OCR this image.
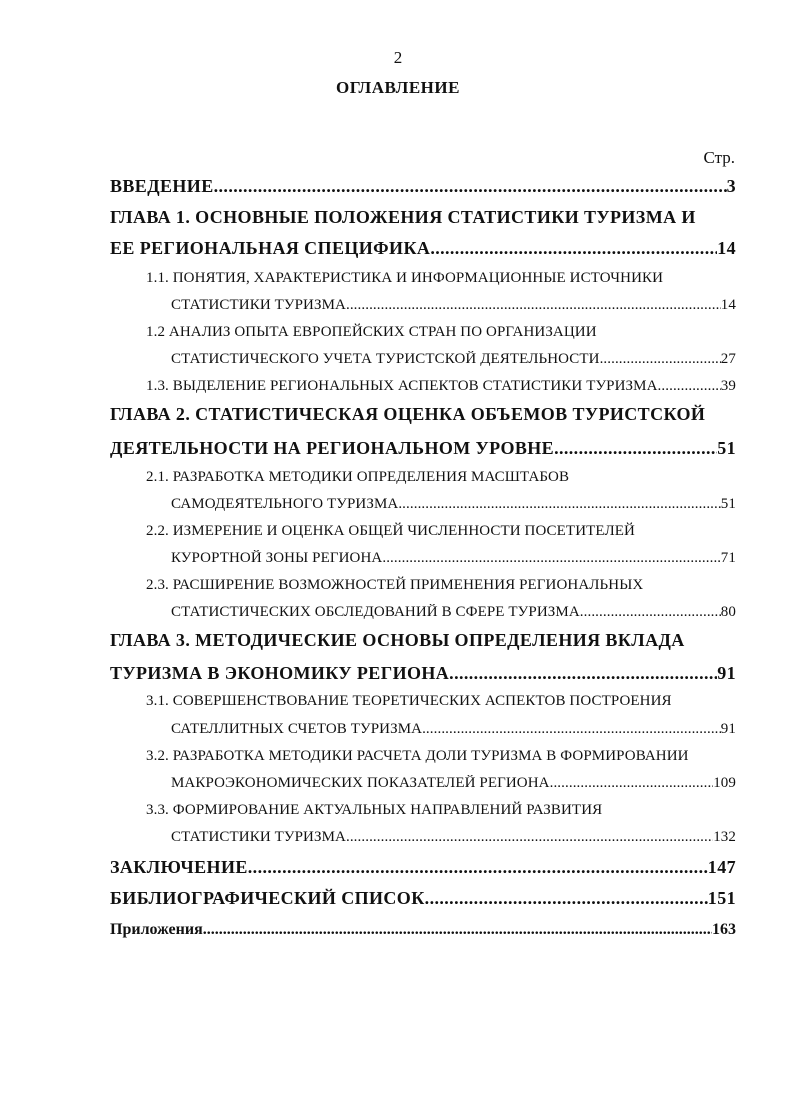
2
ОГЛАВЛЕНИЕ
Стр.
ВВЕДЕНИЕ .....	3
ГЛАВА 1. ОСНОВНЫЕ ПОЛОЖЕНИЯ СТАТИСТИКИ ТУРИЗМА И
ЕЕ РЕГИОНАЛЬНАЯ СПЕЦИФИКА .....	14
1.1. ПОНЯТИЯ, ХАРАКТЕРИСТИКА И ИНФОРМАЦИОННЫЕ ИСТОЧНИКИ
СТАТИСТИКИ ТУРИЗМА .....	14
1.2 АНАЛИЗ ОПЫТА ЕВРОПЕЙСКИХ СТРАН ПО ОРГАНИЗАЦИИ
СТАТИСТИЧЕСКОГО УЧЕТА ТУРИСТСКОЙ ДЕЯТЕЛЬНОСТИ .....	27
1.3. ВЫДЕЛЕНИЕ РЕГИОНАЛЬНЫХ АСПЕКТОВ СТАТИСТИКИ ТУРИЗМА .....	39
ГЛАВА 2. СТАТИСТИЧЕСКАЯ ОЦЕНКА ОБЪЕМОВ ТУРИСТСКОЙ
ДЕЯТЕЛЬНОСТИ НА РЕГИОНАЛЬНОМ УРОВНЕ .....	51
2.1. РАЗРАБОТКА МЕТОДИКИ ОПРЕДЕЛЕНИЯ МАСШТАБОВ
САМОДЕЯТЕЛЬНОГО ТУРИЗМА .....	51
2.2. ИЗМЕРЕНИЕ И ОЦЕНКА ОБЩЕЙ ЧИСЛЕННОСТИ ПОСЕТИТЕЛЕЙ
КУРОРТНОЙ ЗОНЫ РЕГИОНА .....	71
2.3. РАСШИРЕНИЕ ВОЗМОЖНОСТЕЙ ПРИМЕНЕНИЯ РЕГИОНАЛЬНЫХ
СТАТИСТИЧЕСКИХ ОБСЛЕДОВАНИЙ В СФЕРЕ ТУРИЗМА .....	80
ГЛАВА 3. МЕТОДИЧЕСКИЕ ОСНОВЫ ОПРЕДЕЛЕНИЯ ВКЛАДА
ТУРИЗМА В ЭКОНОМИКУ РЕГИОНА .....	91
3.1. СОВЕРШЕНСТВОВАНИЕ ТЕОРЕТИЧЕСКИХ АСПЕКТОВ ПОСТРОЕНИЯ
САТЕЛЛИТНЫХ СЧЕТОВ ТУРИЗМА .....	91
3.2. РАЗРАБОТКА МЕТОДИКИ РАСЧЕТА ДОЛИ ТУРИЗМА В ФОРМИРОВАНИИ
МАКРОЭКОНОМИЧЕСКИХ ПОКАЗАТЕЛЕЙ РЕГИОНА .....	109
3.3. ФОРМИРОВАНИЕ АКТУАЛЬНЫХ НАПРАВЛЕНИЙ РАЗВИТИЯ
СТАТИСТИКИ ТУРИЗМА .....	132
ЗАКЛЮЧЕНИЕ .....	147
БИБЛИОГРАФИЧЕСКИЙ СПИСОК .....	151
Приложения .....	163
